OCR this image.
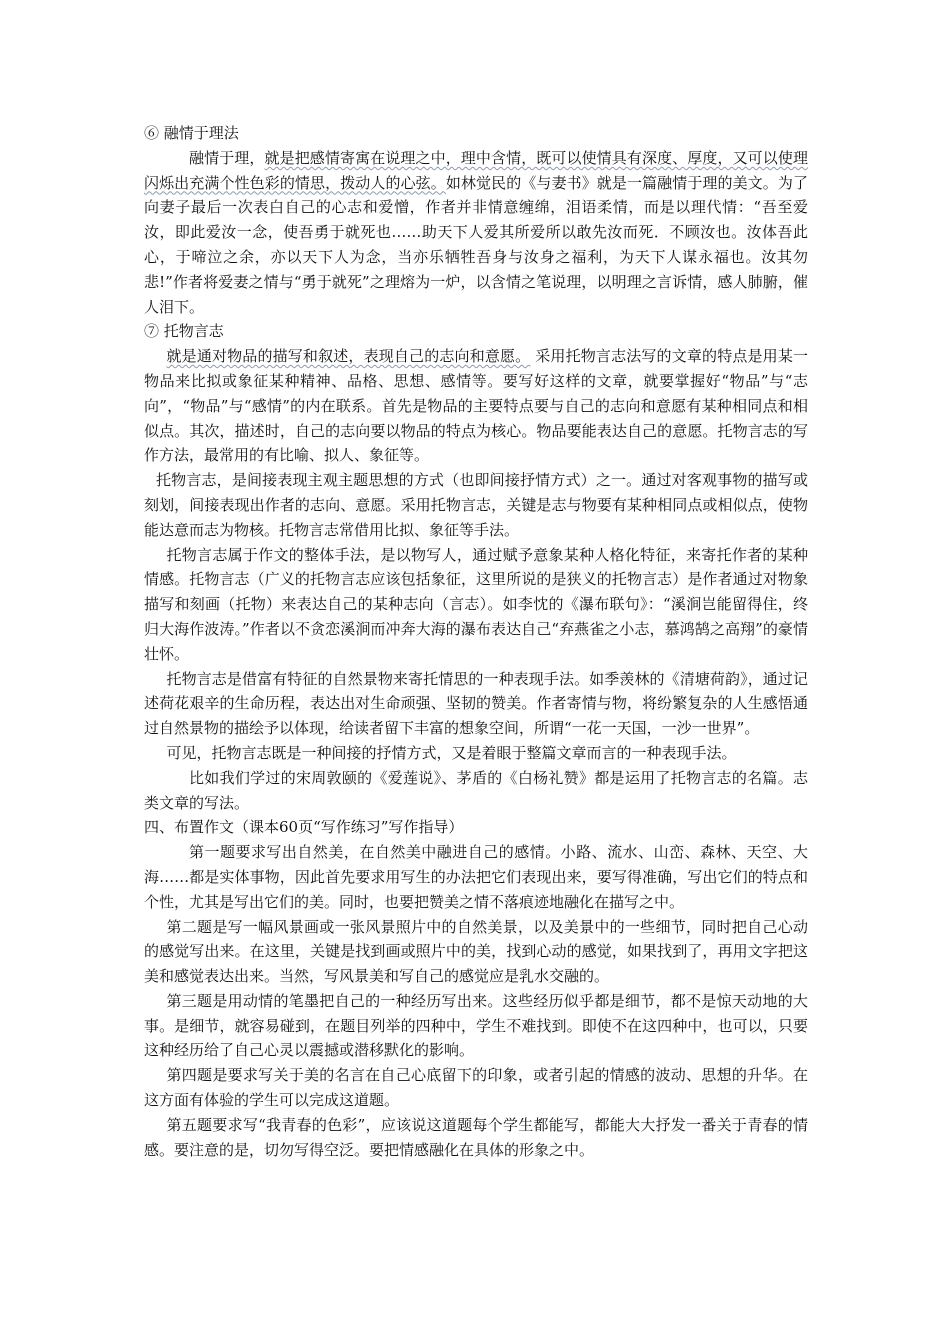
⑥ 融情于理法

融情于理，就是把感情寄寓在说理之中，理中含情，既可以使情具有深度、厚度，又可以使理闪烁出充满个性色彩的情思，拨动人的心弦。如林觉民的《与妻书》就是一篇融情于理的美文。为了向妻子最后一次表白自己的心志和爱憎，作者并非情意缠绵，泪语柔情，而是以理代情：“吾至爱汝，即此爱汝一念，使吾勇于就死也……助天下人爱其所爱所以敢先汝而死．不顾汝也。汝体吾此心，于啼泣之余，亦以天下人为念，当亦乐牺牲吾身与汝身之福利，为天下人谋永福也。汝其勿悲!”作者将爱妻之情与“勇于就死”之理熔为一炉，以含情之笔说理，以明理之言诉情，感人肺腑，催人泪下。

⑦ 托物言志

就是通对物品的描写和叙述，表现自己的志向和意愿。 采用托物言志法写的文章的特点是用某一物品来比拟或象征某种精神、品格、思想、感情等。要写好这样的文章，就要掌握好“物品”与“志向”，“物品”与“感情”的内在联系。首先是物品的主要特点要与自己的志向和意愿有某种相同点和相似点。其次，描述时，自己的志向要以物品的特点为核心。物品要能表达自己的意愿。托物言志的写作方法，最常用的有比喻、拟人、象征等。

托物言志，是间接表现主观主题思想的方式（也即间接抒情方式）之一。通过对客观事物的描写或刻划，间接表现出作者的志向、意愿。采用托物言志，关键是志与物要有某种相同点或相似点，使物能达意而志为物核。托物言志常借用比拟、象征等手法。

托物言志属于作文的整体手法，是以物写人，通过赋予意象某种人格化特征，来寄托作者的某种情感。托物言志（广义的托物言志应该包括象征，这里所说的是狭义的托物言志）是作者通过对物象描写和刻画（托物）来表达自己的某种志向（言志）。如李忱的《瀑布联句》：“溪涧岂能留得住，终归大海作波涛。”作者以不贪恋溪涧而冲奔大海的瀑布表达自己“弃燕雀之小志，慕鸿鹄之高翔”的豪情壮怀。

托物言志是借富有特征的自然景物来寄托情思的一种表现手法。如季羡林的《清塘荷韵》，通过记述荷花艰辛的生命历程，表达出对生命顽强、坚韧的赞美。作者寄情与物，将纷繁复杂的人生感悟通过自然景物的描绘予以体现，给读者留下丰富的想象空间，所谓“一花一天国，一沙一世界”。

可见，托物言志既是一种间接的抒情方式，又是着眼于整篇文章而言的一种表现手法。

比如我们学过的宋周敦颐的《爱莲说》、茅盾的《白杨礼赞》都是运用了托物言志的名篇。志类文章的写法。

四、布置作文（课本60页“写作练习”写作指导）

第一题要求写出自然美，在自然美中融进自己的感情。小路、流水、山峦、森林、天空、大海……都是实体事物，因此首先要求用写生的办法把它们表现出来，要写得准确，写出它们的特点和个性，尤其是写出它们的美。同时，也要把赞美之情不落痕迹地融化在描写之中。

第二题是写一幅风景画或一张风景照片中的自然美景，以及美景中的一些细节，同时把自己心动的感觉写出来。在这里，关键是找到画或照片中的美，找到心动的感觉，如果找到了，再用文字把这美和感觉表达出来。当然，写风景美和写自己的感觉应是乳水交融的。

第三题是用动情的笔墨把自己的一种经历写出来。这些经历似乎都是细节，都不是惊天动地的大事。是细节，就容易碰到，在题目列举的四种中，学生不难找到。即使不在这四种中，也可以，只要这种经历给了自己心灵以震撼或潜移默化的影响。

第四题是要求写关于美的名言在自己心底留下的印象，或者引起的情感的波动、思想的升华。在这方面有体验的学生可以完成这道题。

第五题要求写“我青春的色彩”，应该说这道题每个学生都能写，都能大大抒发一番关于青春的情感。要注意的是，切勿写得空泛。要把情感融化在具体的形象之中。
